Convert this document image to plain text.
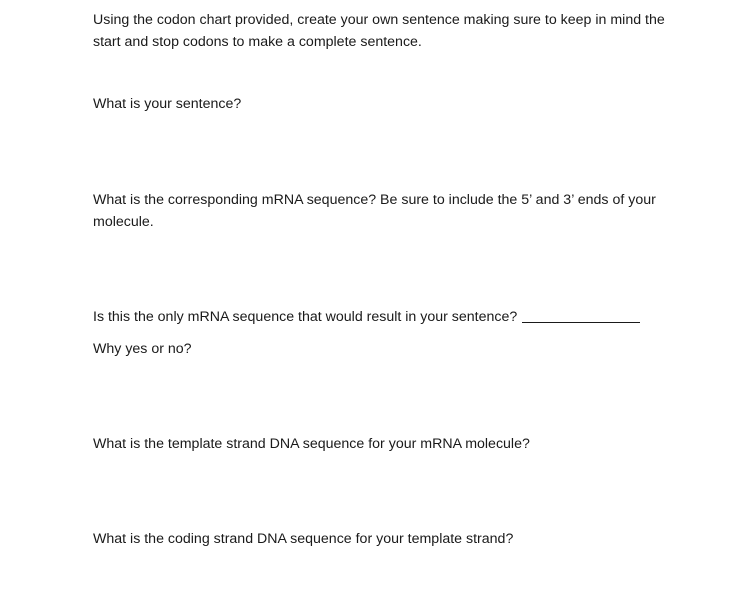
Using the codon chart provided, create your own sentence making sure to keep in mind the
start and stop codons to make a complete sentence.

What is your sentence?

What is the corresponding mRNA sequence? Be sure to include the 5’ and 3’ ends of your
molecule.

Is this the only mRNA sequence that would result in your sentence?

Why yes or no?

What is the template strand DNA sequence for your mRNA molecule?

What is the coding strand DNA sequence for your template strand?
